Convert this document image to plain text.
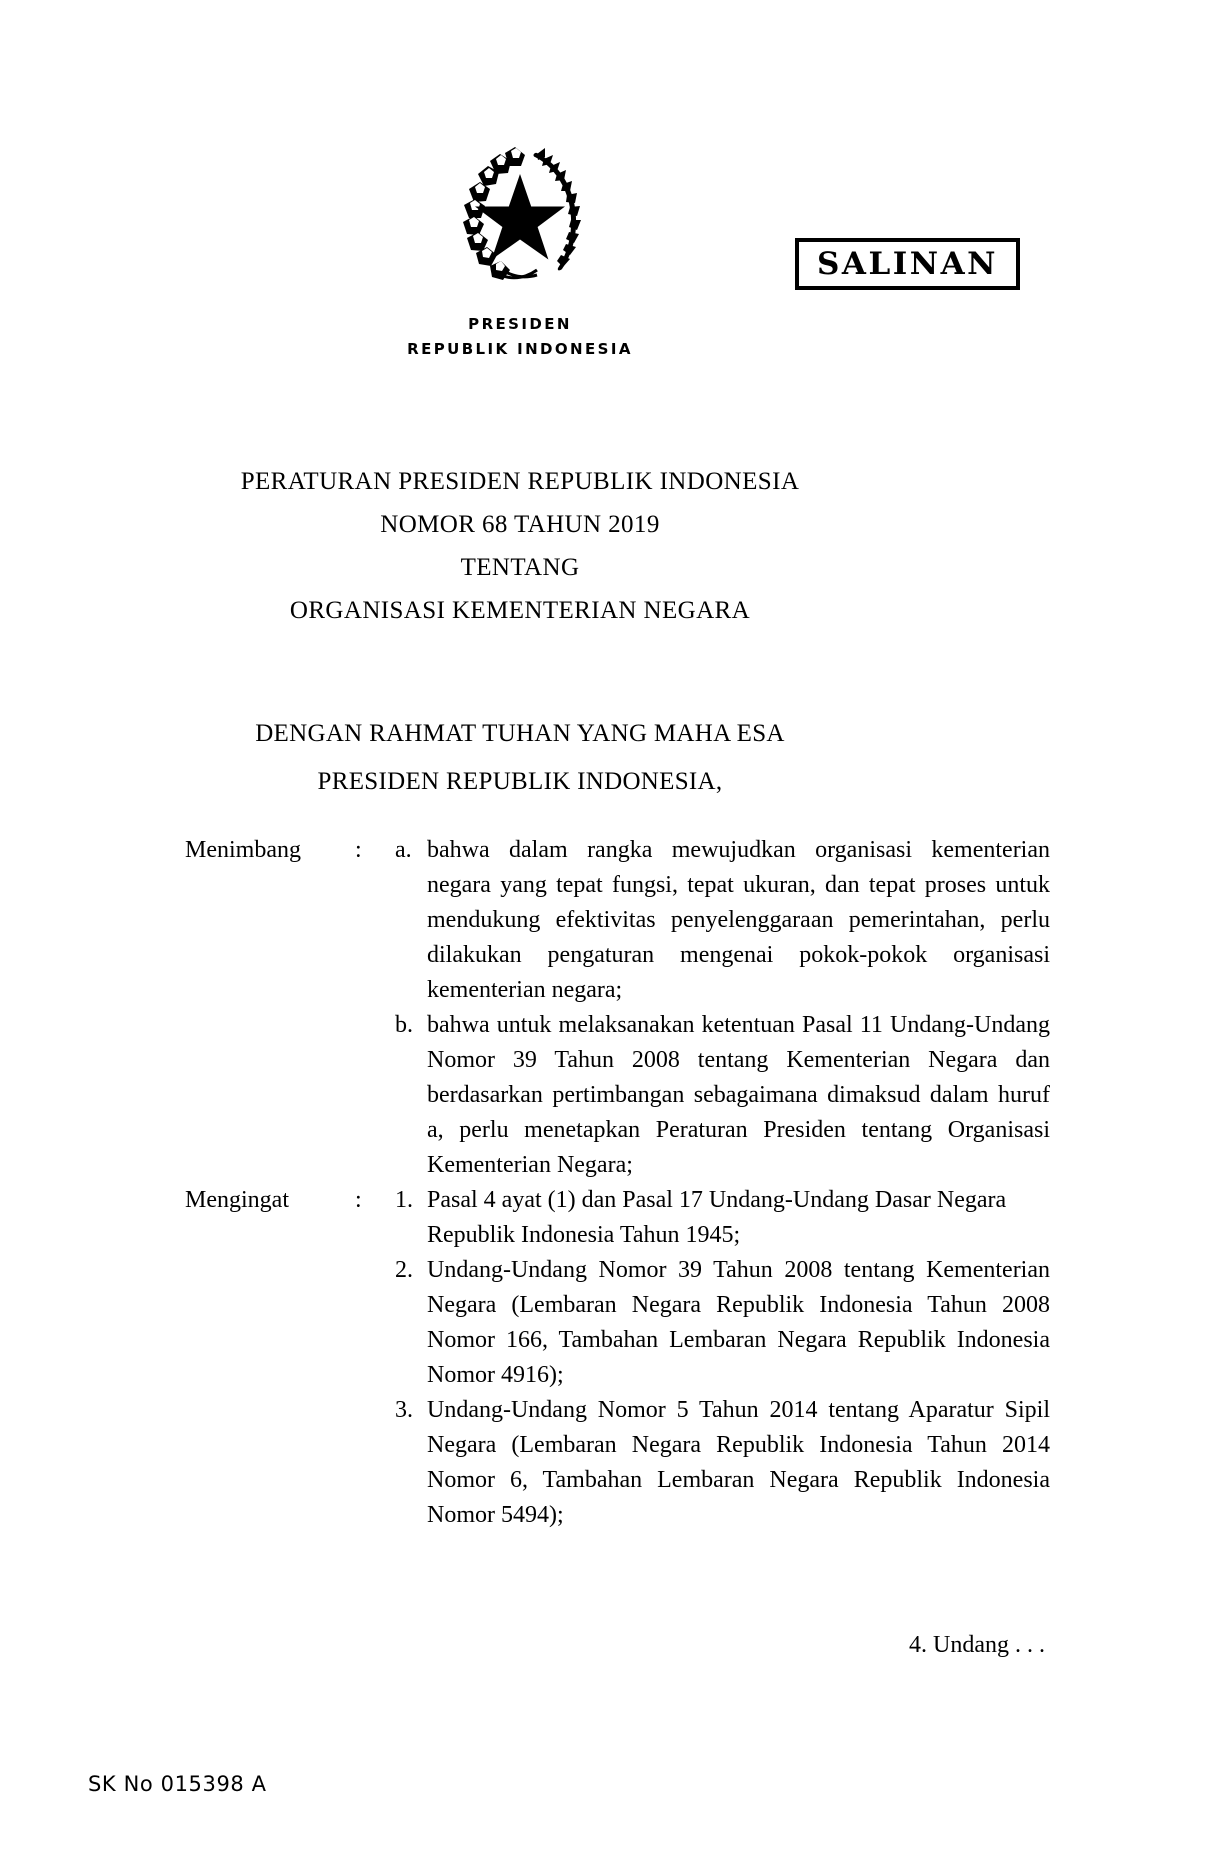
SALINAN
PRESIDEN
REPUBLIK INDONESIA
PERATURAN PRESIDEN REPUBLIK INDONESIA
NOMOR 68 TAHUN 2019
TENTANG
ORGANISASI KEMENTERIAN NEGARA
DENGAN RAHMAT TUHAN YANG MAHA ESA
PRESIDEN REPUBLIK INDONESIA,
Menimbang	:	a. bahwa dalam rangka mewujudkan organisasi kementerian negara yang tepat fungsi, tepat ukuran, dan tepat proses untuk mendukung efektivitas penyelenggaraan pemerintahan, perlu dilakukan pengaturan mengenai pokok-pokok organisasi kementerian negara;
b. bahwa untuk melaksanakan ketentuan Pasal 11 Undang-Undang Nomor 39 Tahun 2008 tentang Kementerian Negara dan berdasarkan pertimbangan sebagaimana dimaksud dalam huruf a, perlu menetapkan Peraturan Presiden tentang Organisasi Kementerian Negara;
Mengingat	:	1. Pasal 4 ayat (1) dan Pasal 17 Undang-Undang Dasar Negara Republik Indonesia Tahun 1945;
2. Undang-Undang Nomor 39 Tahun 2008 tentang Kementerian Negara (Lembaran Negara Republik Indonesia Tahun 2008 Nomor 166, Tambahan Lembaran Negara Republik Indonesia Nomor 4916);
3. Undang-Undang Nomor 5 Tahun 2014 tentang Aparatur Sipil Negara (Lembaran Negara Republik Indonesia Tahun 2014 Nomor 6, Tambahan Lembaran Negara Republik Indonesia Nomor 5494);
4. Undang . . .
SK No 015398 A
